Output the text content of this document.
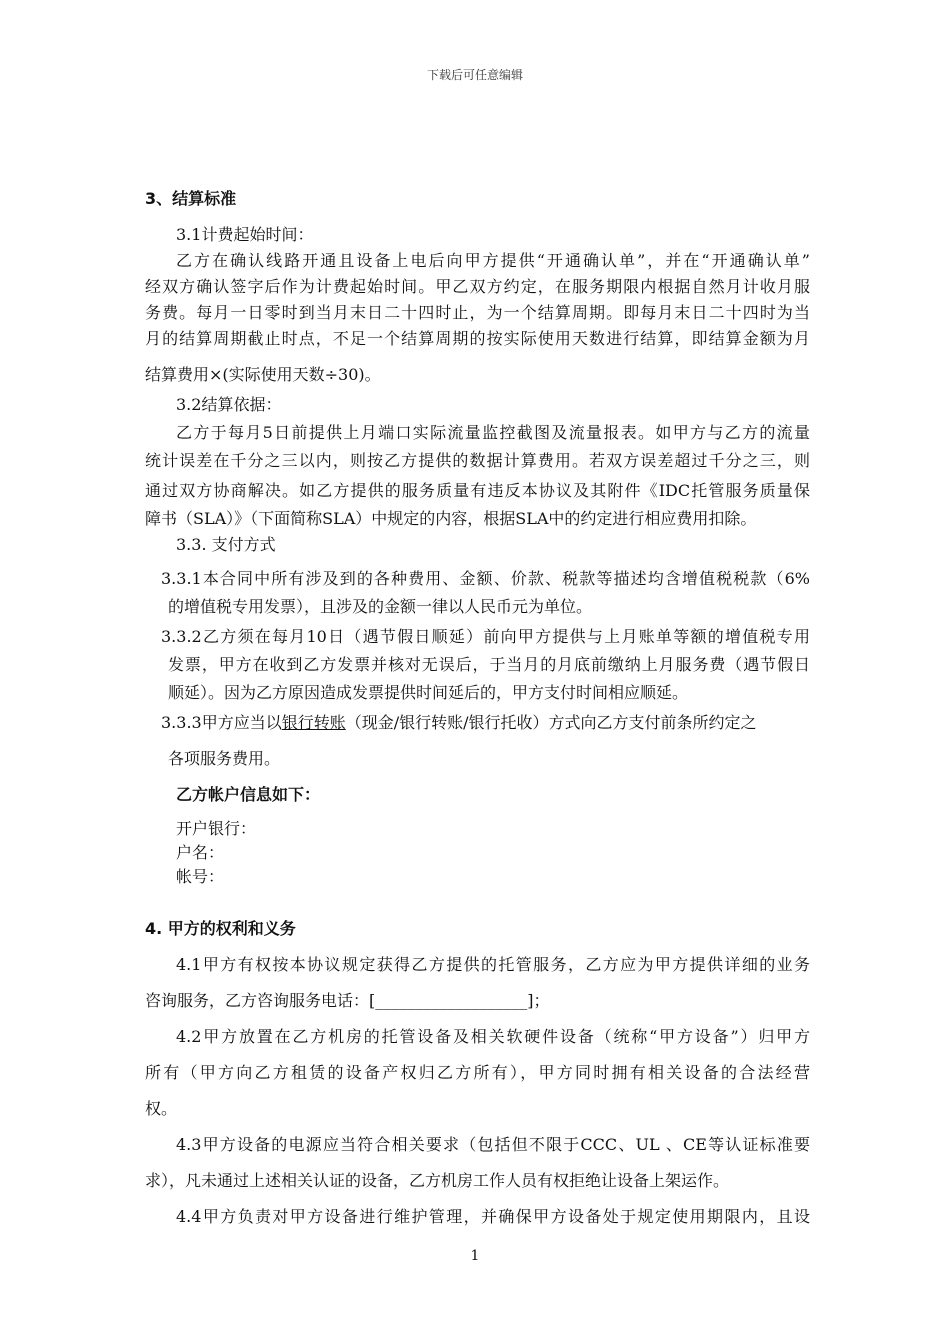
下载后可任意编辑
3、结算标准
3.1计费起始时间：
乙方在确认线路开通且设备上电后向甲方提供“开通确认单”，并在“开通确认单”
经双方确认签字后作为计费起始时间。甲乙双方约定，在服务期限内根据自然月计收月服
务费。每月一日零时到当月末日二十四时止，为一个结算周期。即每月末日二十四时为当
月的结算周期截止时点，不足一个结算周期的按实际使用天数进行结算，即结算金额为月
结算费用×(实际使用天数÷30)。
3.2结算依据：
乙方于每月5日前提供上月端口实际流量监控截图及流量报表。如甲方与乙方的流量
统计误差在千分之三以内，则按乙方提供的数据计算费用。若双方误差超过千分之三，则
通过双方协商解决。如乙方提供的服务质量有违反本协议及其附件《IDC托管服务质量保
障书（SLA）》（下面简称SLA）中规定的内容，根据SLA中的约定进行相应费用扣除。
3.3. 支付方式
3.3.1本合同中所有涉及到的各种费用、金额、价款、税款等描述均含增值税税款（6%
的增值税专用发票），且涉及的金额一律以人民币元为单位。
3.3.2乙方须在每月10日（遇节假日顺延）前向甲方提供与上月账单等额的增值税专用
发票，甲方在收到乙方发票并核对无误后，于当月的月底前缴纳上月服务费（遇节假日
顺延）。因为乙方原因造成发票提供时间延后的，甲方支付时间相应顺延。
3.3.3甲方应当以银行转账（现金/银行转账/银行托收）方式向乙方支付前条所约定之
各项服务费用。
乙方帐户信息如下：
开户银行：
户名：
帐号：
4. 甲方的权利和义务
4.1甲方有权按本协议规定获得乙方提供的托管服务，乙方应为甲方提供详细的业务
咨询服务，乙方咨询服务电话：[___________________]；
4.2甲方放置在乙方机房的托管设备及相关软硬件设备（统称“甲方设备”）归甲方
所有（甲方向乙方租赁的设备产权归乙方所有），甲方同时拥有相关设备的合法经营
权。
4.3甲方设备的电源应当符合相关要求（包括但不限于CCC、UL 、CE等认证标准要
求），凡未通过上述相关认证的设备，乙方机房工作人员有权拒绝让设备上架运作。
4.4甲方负责对甲方设备进行维护管理，并确保甲方设备处于规定使用期限内，且设
1
